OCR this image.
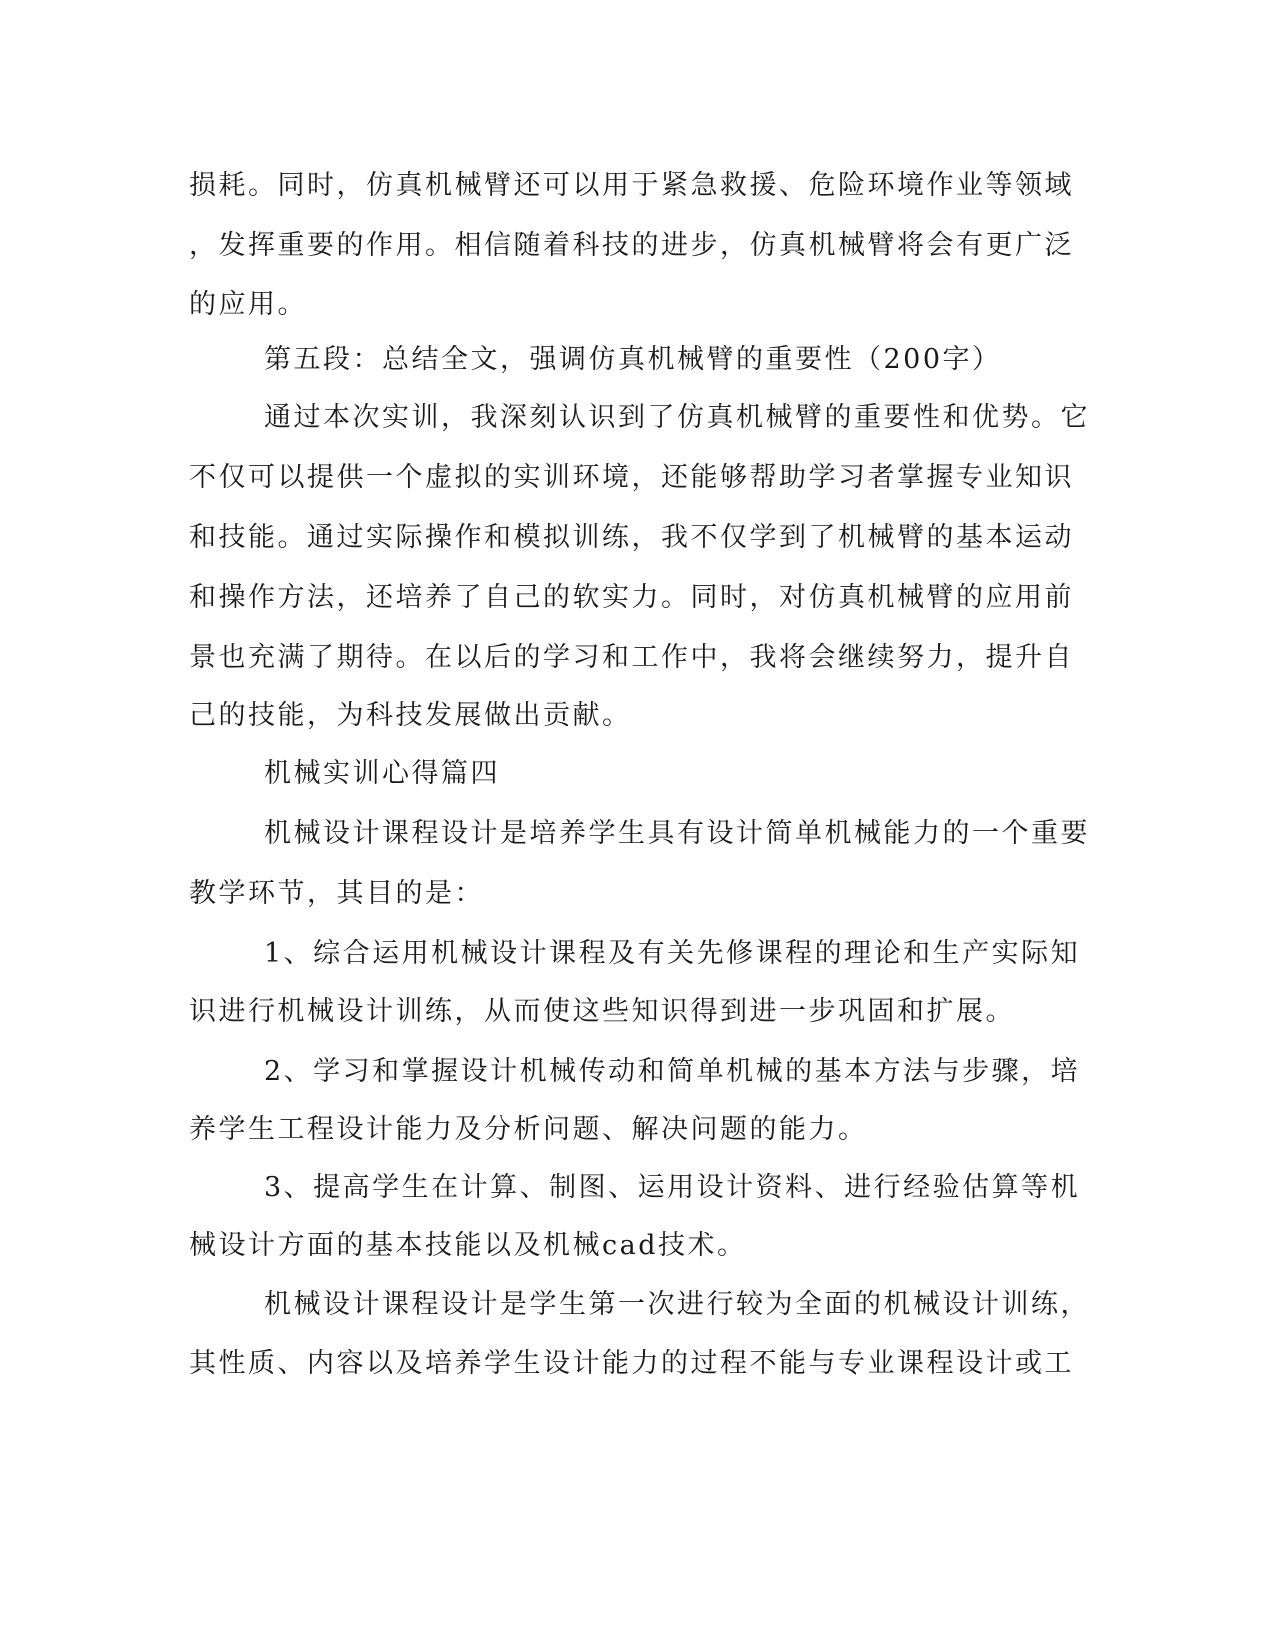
损耗。同时，仿真机械臂还可以用于紧急救援、危险环境作业等领域
，发挥重要的作用。相信随着科技的进步，仿真机械臂将会有更广泛
的应用。
第五段：总结全文，强调仿真机械臂的重要性（200字）
通过本次实训，我深刻认识到了仿真机械臂的重要性和优势。它
不仅可以提供一个虚拟的实训环境，还能够帮助学习者掌握专业知识
和技能。通过实际操作和模拟训练，我不仅学到了机械臂的基本运动
和操作方法，还培养了自己的软实力。同时，对仿真机械臂的应用前
景也充满了期待。在以后的学习和工作中，我将会继续努力，提升自
己的技能，为科技发展做出贡献。
机械实训心得篇四
机械设计课程设计是培养学生具有设计简单机械能力的一个重要
教学环节，其目的是：
1、综合运用机械设计课程及有关先修课程的理论和生产实际知
识进行机械设计训练，从而使这些知识得到进一步巩固和扩展。
2、学习和掌握设计机械传动和简单机械的基本方法与步骤，培
养学生工程设计能力及分析问题、解决问题的能力。
3、提高学生在计算、制图、运用设计资料、进行经验估算等机
械设计方面的基本技能以及机械cad技术。
机械设计课程设计是学生第一次进行较为全面的机械设计训练，
其性质、内容以及培养学生设计能力的过程不能与专业课程设计或工
